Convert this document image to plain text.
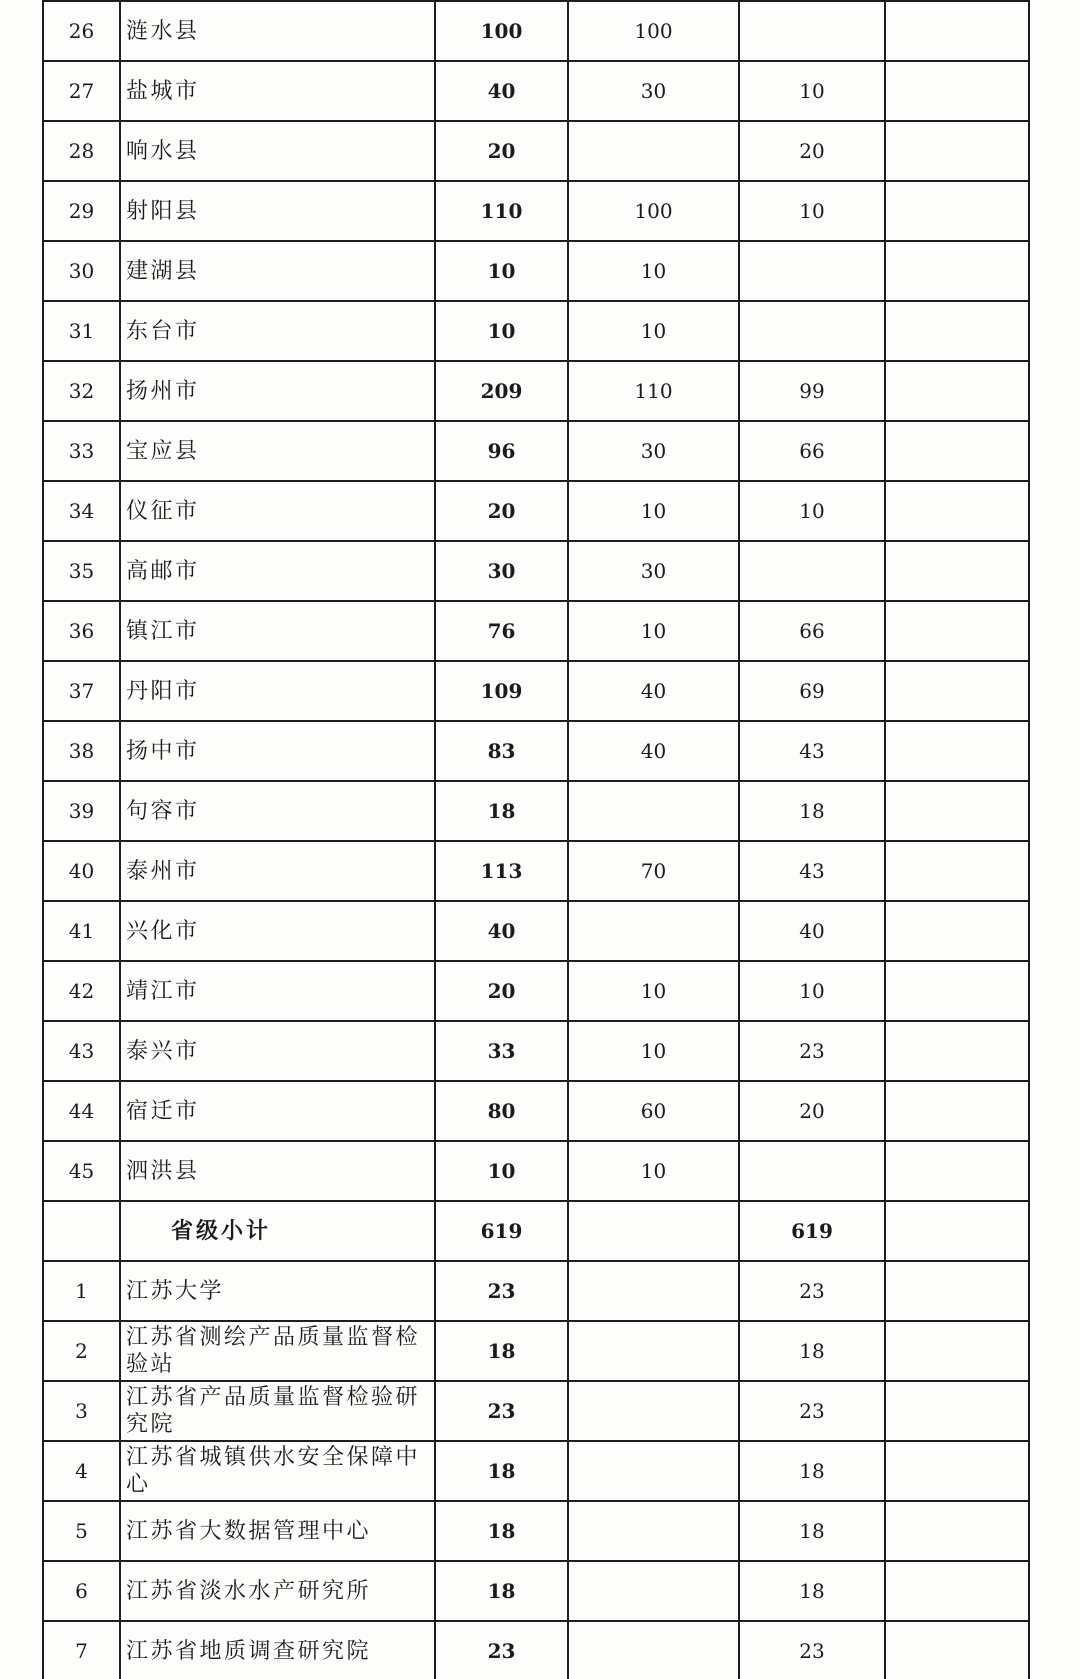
26	涟水县	100	100		
27	盐城市	40	30	10	
28	响水县	20		20	
29	射阳县	110	100	10	
30	建湖县	10	10		
31	东台市	10	10		
32	扬州市	209	110	99	
33	宝应县	96	30	66	
34	仪征市	20	10	10	
35	高邮市	30	30		
36	镇江市	76	10	66	
37	丹阳市	109	40	69	
38	扬中市	83	40	43	
39	句容市	18		18	
40	泰州市	113	70	43	
41	兴化市	40		40	
42	靖江市	20	10	10	
43	泰兴市	33	10	23	
44	宿迁市	80	60	20	
45	泗洪县	10	10		
	省级小计	619		619	
1	江苏大学	23		23	
2	江苏省测绘产品质量监督检验站	18		18	
3	江苏省产品质量监督检验研究院	23		23	
4	江苏省城镇供水安全保障中心	18		18	
5	江苏省大数据管理中心	18		18	
6	江苏省淡水水产研究所	18		18	
7	江苏省地质调查研究院	23		23	
